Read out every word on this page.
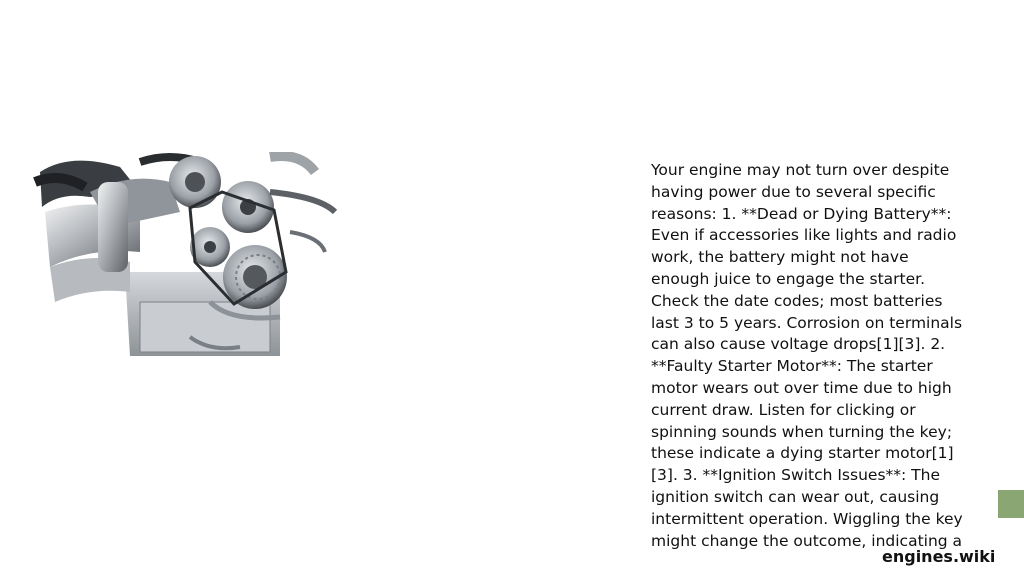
Your engine may not turn over despite having power due to several specific reasons: 1. **Dead or Dying Battery**: Even if accessories like lights and radio work, the battery might not have enough juice to engage the starter. Check the date codes; most batteries last 3 to 5 years. Corrosion on terminals can also cause voltage drops[1][3]. 2. **Faulty Starter Motor**: The starter motor wears out over time due to high current draw. Listen for clicking or spinning sounds when turning the key; these indicate a dying starter motor[1][3]. 3. **Ignition Switch Issues**: The ignition switch can wear out, causing intermittent operation. Wiggling the key might change the outcome, indicating a
engines.wiki
